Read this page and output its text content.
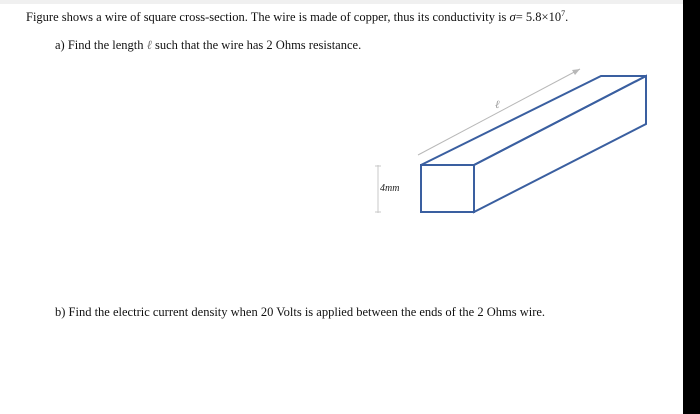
Figure shows a wire of square cross-section. The wire is made of copper, thus its conductivity is $\sigma= 5.8\times 10^7$.
a) Find the length ℓ such that the wire has 2 Ohms resistance.
4mm
ℓ
b) Find the electric current density when 20 Volts is applied between the ends of the 2 Ohms wire.
